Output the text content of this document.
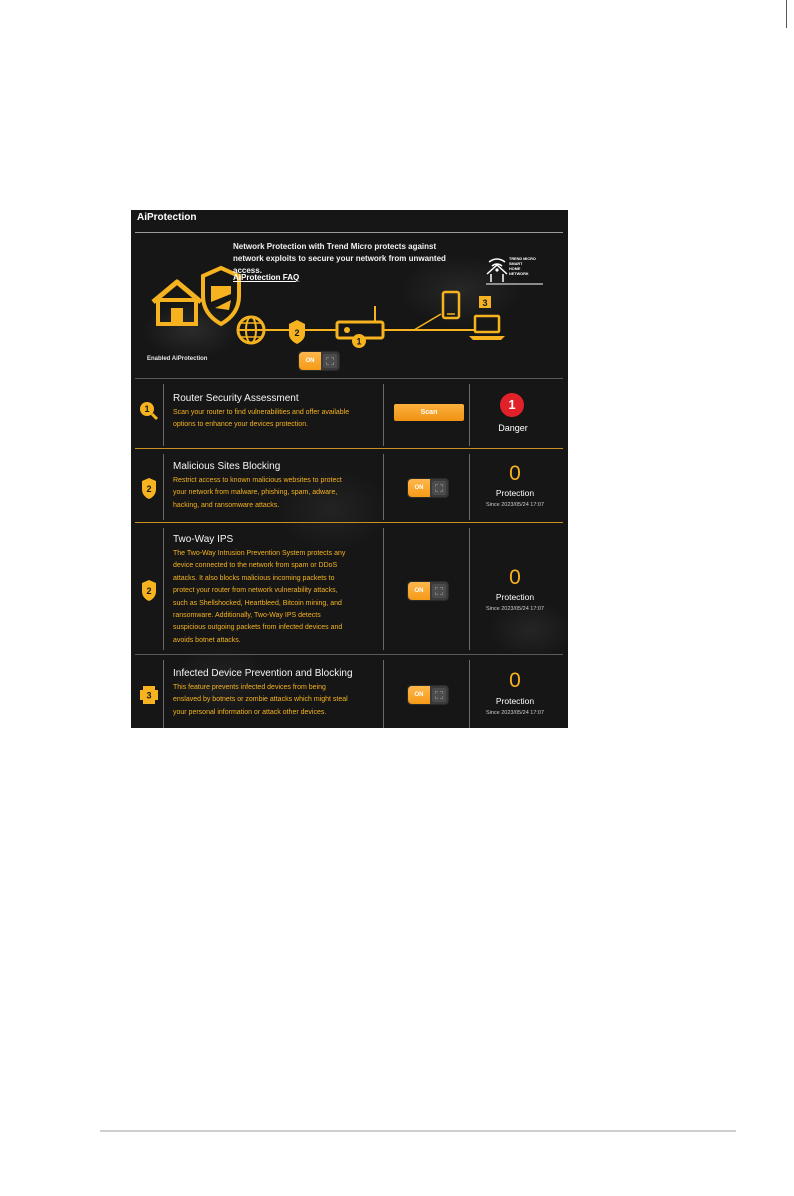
AiProtection
2
1
3
TREND MICRO
SMART
HOME
NETWORK
Network Protection with Trend Micro protects against network exploits to secure your network from unwanted access.
AiProtection FAQ
Enabled AiProtection	ON
1
Router Security Assessment
Scan your router to find vulnerabilities and offer available
options to enhance your devices protection.
Scan
1
Danger
2
Malicious Sites Blocking
Restrict access to known malicious websites to protect
your network from malware, phishing, spam, adware,
hacking, and ransomware attacks.
ON
0
Protection
Since 2023/05/24 17:07
2
Two-Way IPS
The Two-Way Intrusion Prevention System protects any
device connected to the network from spam or DDoS
attacks. It also blocks malicious incoming packets to
protect your router from network vulnerability attacks,
such as Shellshocked, Heartbleed, Bitcoin mining, and
ransomware. Additionally, Two-Way IPS detects
suspicious outgoing packets from infected devices and
avoids botnet attacks.
ON
0
Protection
Since 2023/05/24 17:07
3
Infected Device Prevention and Blocking
This feature prevents infected devices from being
enslaved by botnets or zombie attacks which might steal
your personal information or attack other devices.
ON
0
Protection
Since 2023/05/24 17:07
